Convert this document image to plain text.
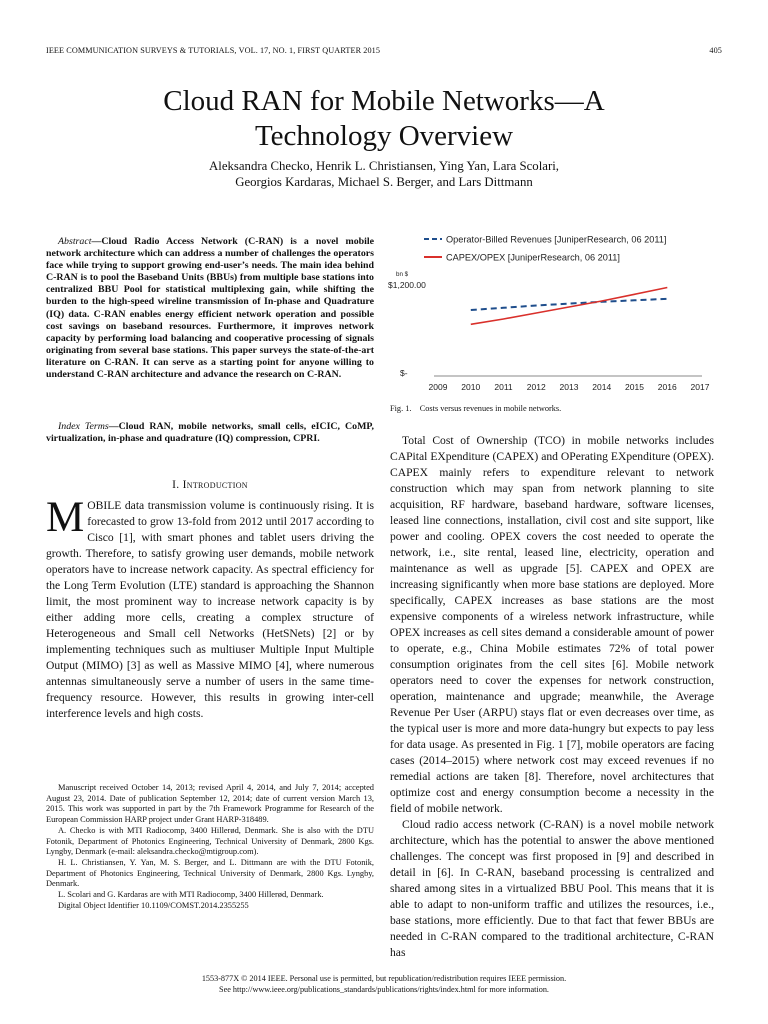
IEEE COMMUNICATION SURVEYS & TUTORIALS, VOL. 17, NO. 1, FIRST QUARTER 2015	405
Cloud RAN for Mobile Networks—A
Technology Overview
Aleksandra Checko, Henrik L. Christiansen, Ying Yan, Lara Scolari,
Georgios Kardaras, Michael S. Berger, and Lars Dittmann

Abstract—Cloud Radio Access Network (C-RAN) is a novel mobile network architecture which can address a number of challenges the operators face while trying to support growing end-user’s needs. The main idea behind C-RAN is to pool the Baseband Units (BBUs) from multiple base stations into centralized BBU Pool for statistical multiplexing gain, while shifting the burden to the high-speed wireline transmission of In-phase and Quadrature (IQ) data. C-RAN enables energy efficient network operation and possible cost savings on baseband resources. Furthermore, it improves network capacity by performing load balancing and cooperative processing of signals originating from several base stations. This paper surveys the state-of-the-art literature on C-RAN. It can serve as a starting point for anyone willing to understand C-RAN architecture and advance the research on C-RAN.

Index Terms—Cloud RAN, mobile networks, small cells, eICIC, CoMP, virtualization, in-phase and quadrature (IQ) compression, CPRI.

I. Introduction

MOBILE data transmission volume is continuously rising. It is forecasted to grow 13-fold from 2012 until 2017 according to Cisco [1], with smart phones and tablet users driving the growth. Therefore, to satisfy growing user demands, mobile network operators have to increase network capacity. As spectral efficiency for the Long Term Evolution (LTE) standard is approaching the Shannon limit, the most prominent way to increase network capacity is by either adding more cells, creating a complex structure of Heterogeneous and Small cell Networks (HetSNets) [2] or by implementing techniques such as multiuser Multiple Input Multiple Output (MIMO) [3] as well as Massive MIMO [4], where numerous antennas simultaneously serve a number of users in the same time-frequency resource. However, this results in growing inter-cell interference levels and high costs.

Manuscript received October 14, 2013; revised April 4, 2014, and July 7, 2014; accepted August 23, 2014. Date of publication September 12, 2014; date of current version March 13, 2015. This work was supported in part by the 7th Framework Programme for Research of the European Commission HARP project under Grant HARP-318489.

A. Checko is with MTI Radiocomp, 3400 Hillerød, Denmark. She is also with the DTU Fotonik, Department of Photonics Engineering, Technical University of Denmark, 2800 Kgs. Lyngby, Denmark (e-mail: aleksandra.checko@mtigroup.com).

H. L. Christiansen, Y. Yan, M. S. Berger, and L. Dittmann are with the DTU Fotonik, Department of Photonics Engineering, Technical University of Denmark, 2800 Kgs. Lyngby, Denmark.

L. Scolari and G. Kardaras are with MTI Radiocomp, 3400 Hillerød, Denmark.

Digital Object Identifier 10.1109/COMST.2014.2355255

Operator-Billed Revenues [JuniperResearch, 06 2011]
CAPEX/OPEX [JuniperResearch, 06 2011]
bn $
$1,200.00
$-
2009 2010 2011 2012 2013 2014 2015 2016 2017
Fig. 1.    Costs versus revenues in mobile networks.

Total Cost of Ownership (TCO) in mobile networks includes CAPital EXpenditure (CAPEX) and OPerating EXpenditure (OPEX). CAPEX mainly refers to expenditure relevant to network construction which may span from network planning to site acquisition, RF hardware, baseband hardware, software licenses, leased line connections, installation, civil cost and site support, like power and cooling. OPEX covers the cost needed to operate the network, i.e., site rental, leased line, electricity, operation and maintenance as well as upgrade [5]. CAPEX and OPEX are increasing significantly when more base stations are deployed. More specifically, CAPEX increases as base stations are the most expensive components of a wireless network infrastructure, while OPEX increases as cell sites demand a considerable amount of power to operate, e.g., China Mobile estimates 72% of total power consumption originates from the cell sites [6]. Mobile network operators need to cover the expenses for network construction, operation, maintenance and upgrade; meanwhile, the Average Revenue Per User (ARPU) stays flat or even decreases over time, as the typical user is more and more data-hungry but expects to pay less for data usage. As presented in Fig. 1 [7], mobile operators are facing cases (2014–2015) where network cost may exceed revenues if no remedial actions are taken [8]. Therefore, novel architectures that optimize cost and energy consumption become a necessity in the field of mobile network.

Cloud radio access network (C-RAN) is a novel mobile network architecture, which has the potential to answer the above mentioned challenges. The concept was first proposed in [9] and described in detail in [6]. In C-RAN, baseband processing is centralized and shared among sites in a virtualized BBU Pool. This means that it is able to adapt to non-uniform traffic and utilizes the resources, i.e., base stations, more efficiently. Due to that fact that fewer BBUs are needed in C-RAN compared to the traditional architecture, C-RAN has

1553-877X © 2014 IEEE. Personal use is permitted, but republication/redistribution requires IEEE permission.
See http://www.ieee.org/publications_standards/publications/rights/index.html for more information.
